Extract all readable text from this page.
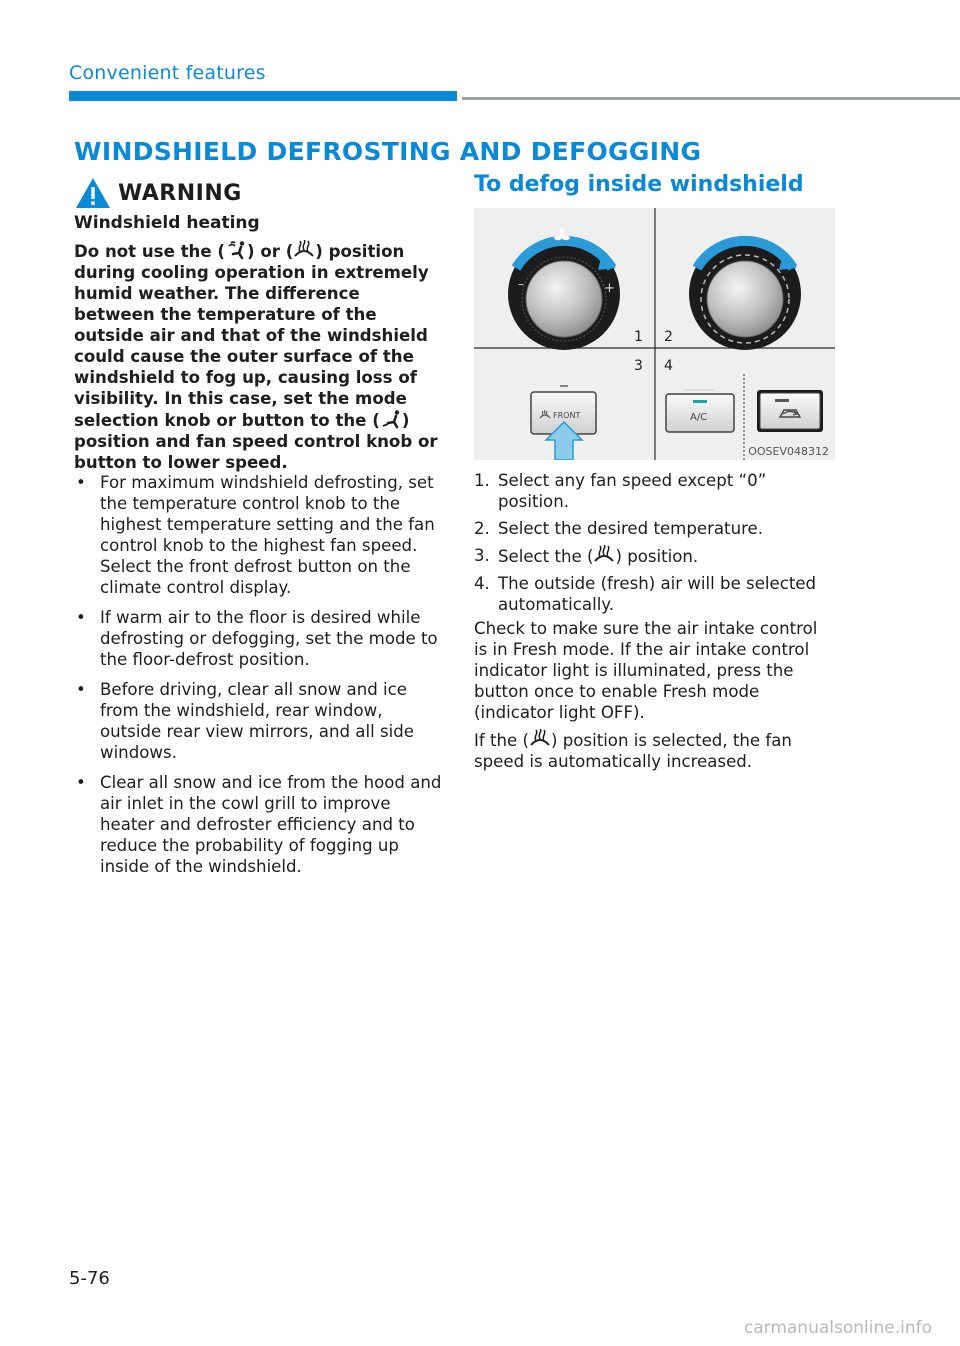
Convenient features
WINDSHIELD DEFROSTING AND DEFOGGING
WARNING
Windshield heating

Do not use the ( ) or ( ) position during cooling operation in extremely humid weather. The difference between the temperature of the outside air and that of the windshield could cause the outer surface of the windshield to fog up, causing loss of visibility. In this case, set the mode selection knob or button to the ( ) position and fan speed control knob or button to lower speed.

• For maximum windshield defrosting, set the temperature control knob to the highest temperature setting and the fan control knob to the highest fan speed. Select the front defrost button on the climate control display.
• If warm air to the floor is desired while defrosting or defogging, set the mode to the floor-defrost position.
• Before driving, clear all snow and ice from the windshield, rear window, outside rear view mirrors, and all side windows.
• Clear all snow and ice from the hood and air inlet in the cowl grill to improve heater and defroster efficiency and to reduce the probability of fogging up inside of the windshield.
To defog inside windshield
–	+
1 2
3 4
FRONT	A/C
OOSEV048312
1. Select any fan speed except “0” position.
2. Select the desired temperature.
3. Select the ( ) position.
4. The outside (fresh) air will be selected automatically.

Check to make sure the air intake control is in Fresh mode. If the air intake control indicator light is illuminated, press the button once to enable Fresh mode (indicator light OFF).

If the ( ) position is selected, the fan speed is automatically increased.

5-76
carmanualsonline.info
